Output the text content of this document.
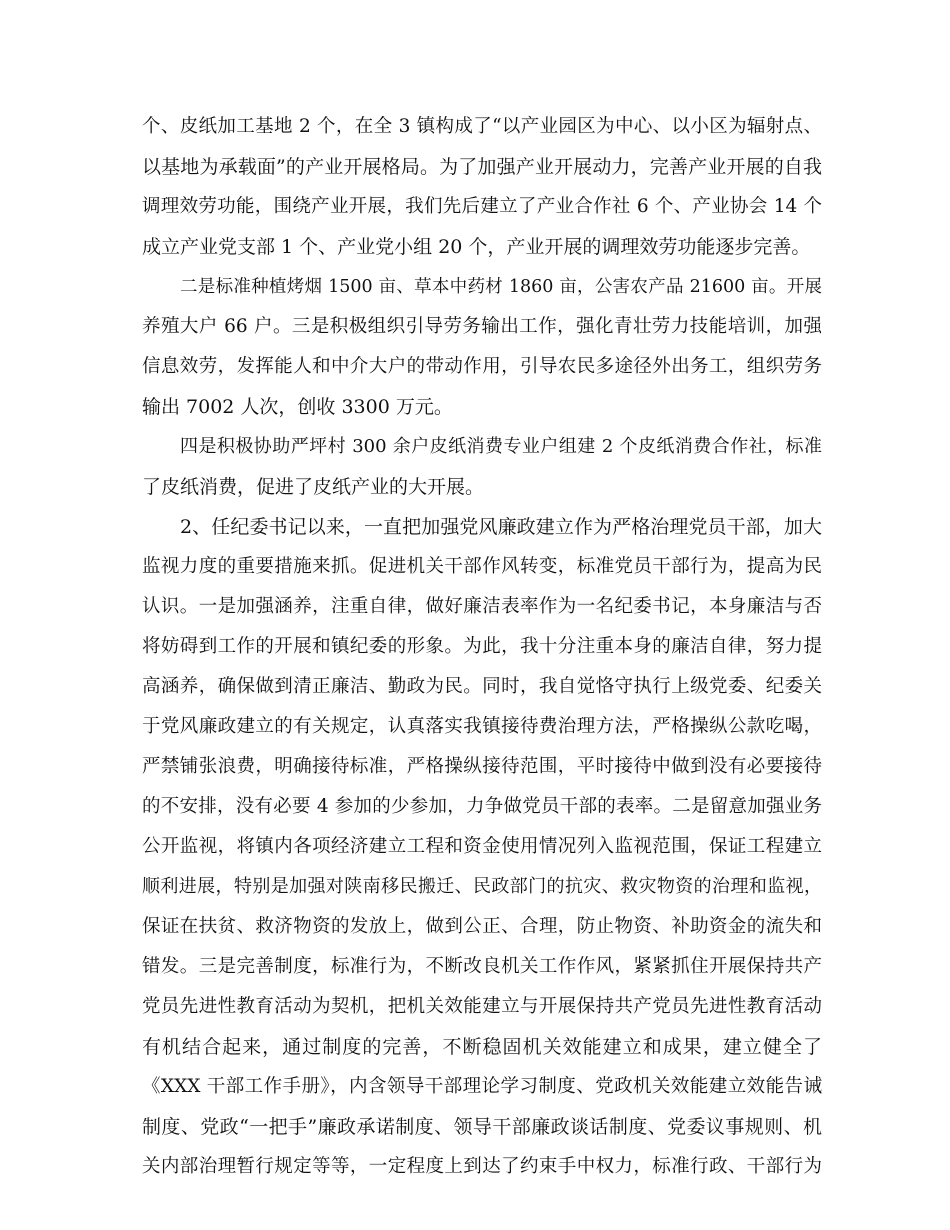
个、皮纸加工基地 2 个，在全 3 镇构成了“以产业园区为中心、以小区为辐射点、
以基地为承载面”的产业开展格局。为了加强产业开展动力，完善产业开展的自我
调理效劳功能，围绕产业开展，我们先后建立了产业合作社 6 个、产业协会 14 个
成立产业党支部 1 个、产业党小组 20 个，产业开展的调理效劳功能逐步完善。
二是标准种植烤烟 1500 亩、草本中药材 1860 亩，公害农产品 21600 亩。开展
养殖大户 66 户。三是积极组织引导劳务输出工作，强化青壮劳力技能培训，加强
信息效劳，发挥能人和中介大户的带动作用，引导农民多途径外出务工，组织劳务
输出 7002 人次，创收 3300 万元。
四是积极协助严坪村 300 余户皮纸消费专业户组建 2 个皮纸消费合作社，标准
了皮纸消费，促进了皮纸产业的大开展。
2、任纪委书记以来，一直把加强党风廉政建立作为严格治理党员干部，加大
监视力度的重要措施来抓。促进机关干部作风转变，标准党员干部行为，提高为民
认识。一是加强涵养，注重自律，做好廉洁表率作为一名纪委书记，本身廉洁与否
将妨碍到工作的开展和镇纪委的形象。为此，我十分注重本身的廉洁自律，努力提
高涵养，确保做到清正廉洁、勤政为民。同时，我自觉恪守执行上级党委、纪委关
于党风廉政建立的有关规定，认真落实我镇接待费治理方法，严格操纵公款吃喝，
严禁铺张浪费，明确接待标准，严格操纵接待范围，平时接待中做到没有必要接待
的不安排，没有必要 4 参加的少参加，力争做党员干部的表率。二是留意加强业务
公开监视，将镇内各项经济建立工程和资金使用情况列入监视范围，保证工程建立
顺利进展，特别是加强对陕南移民搬迁、民政部门的抗灾、救灾物资的治理和监视，
保证在扶贫、救济物资的发放上，做到公正、合理，防止物资、补助资金的流失和
错发。三是完善制度，标准行为，不断改良机关工作作风，紧紧抓住开展保持共产
党员先进性教育活动为契机，把机关效能建立与开展保持共产党员先进性教育活动
有机结合起来，通过制度的完善，不断稳固机关效能建立和成果，建立健全了
《XXX 干部工作手册》，内含领导干部理论学习制度、党政机关效能建立效能告诫
制度、党政“一把手”廉政承诺制度、领导干部廉政谈话制度、党委议事规则、机
关内部治理暂行规定等等，一定程度上到达了约束手中权力，标准行政、干部行为
